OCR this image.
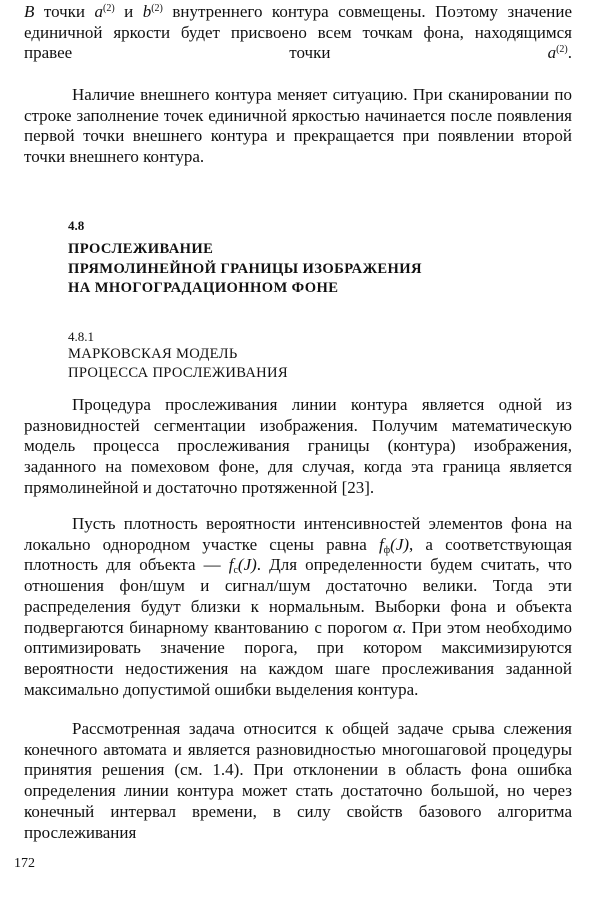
В точки $a^{(2)}$ и $b^{(2)}$ внутреннего контура совмещены. Поэтому значение единичной яркости будет присвоено всем точкам фона, находящимся правее точки $a^{(2)}$.
Наличие внешнего контура меняет ситуацию. При сканировании по строке заполнение точек единичной яркостью начинается после появления первой точки внешнего контура и прекращается при появлении второй точки внешнего контура.
4.8
ПРОСЛЕЖИВАНИЕ
ПРЯМОЛИНЕЙНОЙ ГРАНИЦЫ ИЗОБРАЖЕНИЯ
НА МНОГОГРАДАЦИОННОМ ФОНЕ
4.8.1
МАРКОВСКАЯ МОДЕЛЬ
ПРОЦЕССА ПРОСЛЕЖИВАНИЯ
Процедура прослеживания линии контура является одной из разновидностей сегментации изображения. Получим математическую модель процесса прослеживания границы (контура) изображения, заданного на помеховом фоне, для случая, когда эта граница является прямолинейной и достаточно протяженной [23].
Пусть плотность вероятности интенсивностей элементов фона на локально однородном участке сцены равна $f_ф(J)$, а соответствующая плотность для объекта — $f_с(J)$. Для определенности будем считать, что отношения фон/шум и сигнал/шум достаточно велики. Тогда эти распределения будут близки к нормальным. Выборки фона и объекта подвергаются бинарному квантованию с порогом α. При этом необходимо оптимизировать значение порога, при котором максимизируются вероятности недостижения на каждом шаге прослеживания заданной максимально допустимой ошибки выделения контура.
Рассмотренная задача относится к общей задаче срыва слежения конечного автомата и является разновидностью многошаговой процедуры принятия решения (см. 1.4). При отклонении в область фона ошибка определения линии контура может стать достаточно большой, но через конечный интервал времени, в силу свойств базового алгоритма прослеживания
172
